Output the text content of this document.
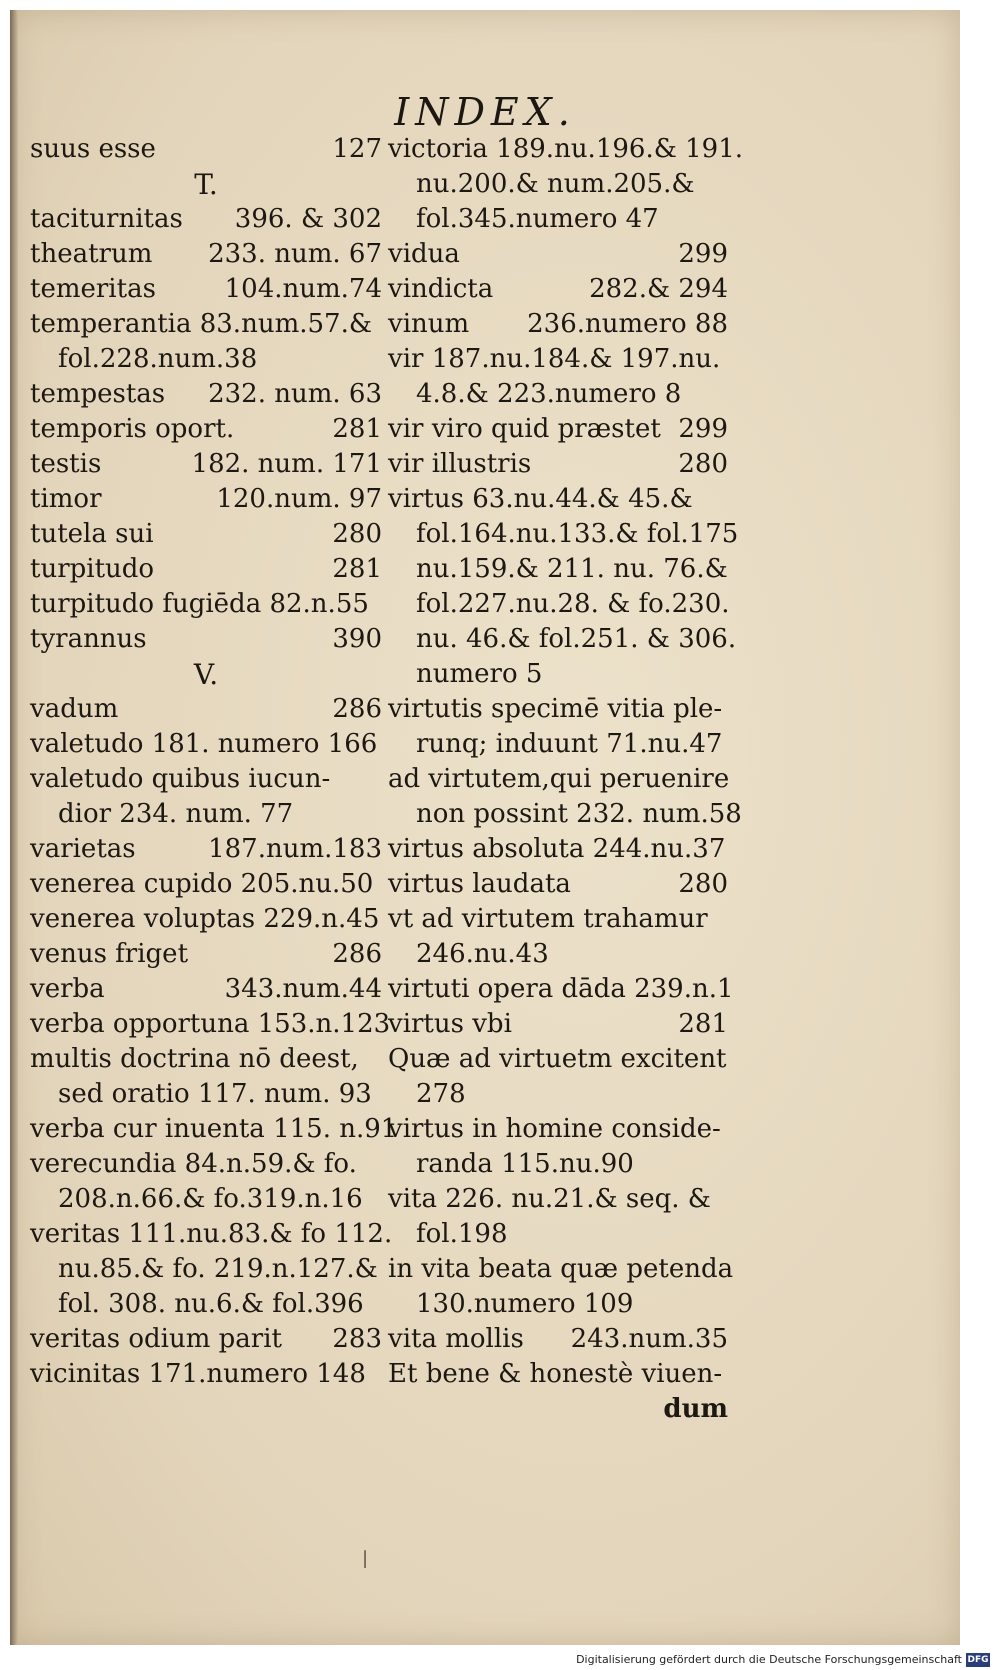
INDEX.
suus esse	127
T.
taciturnitas	396. & 302
theatrum	233. num. 67
temeritas	104.num.74
temperantia 83.num.57.&
fol.228.num.38
tempestas	232. num. 63
temporis oport.	281
testis	182. num. 171
timor	120.num. 97
tutela sui	280
turpitudo	281
turpitudo fugiēda 82.n.55
tyrannus	390
V.
vadum	286
valetudo 181. numero 166
valetudo quibus iucun-
dior 234. num. 77
varietas	187.num.183
venerea cupido 205.nu.50
venerea voluptas 229.n.45
venus friget	286
verba	343.num.44
verba opportuna 153.n.123
multis doctrina nō deest,
sed oratio 117. num. 93
verba cur inuenta 115. n.91
verecundia 84.n.59.& fo.
208.n.66.& fo.319.n.16
veritas 111.nu.83.& fo 112.
nu.85.& fo. 219.n.127.&
fol. 308. nu.6.& fol.396
veritas odium parit	283
vicinitas 171.numero 148
victoria 189.nu.196.& 191.
nu.200.& num.205.&
fol.345.numero 47
vidua	299
vindicta	282.& 294
vinum	236.numero 88
vir 187.nu.184.& 197.nu.
4.8.& 223.numero 8
vir viro quid præstet 299
vir illustris	280
virtus 63.nu.44.& 45.&
fol.164.nu.133.& fol.175
nu.159.& 211. nu. 76.&
fol.227.nu.28. & fo.230.
nu. 46.& fol.251. & 306.
numero 5
virtutis specimē vitia ple-
runq; induunt 71.nu.47
ad virtutem,qui peruenire
non possint 232. num.58
virtus absoluta 244.nu.37
virtus laudata	280
vt ad virtutem trahamur
246.nu.43
virtuti opera dāda 239.n.1
virtus vbi	281
Quæ ad virtuetm excitent
278
virtus in homine conside-
randa 115.nu.90
vita 226. nu.21.& seq. &
fol.198
in vita beata quæ petenda
130.numero 109
vita mollis	243.num.35
Et bene & honestè viuen-
dum
|
Digitalisierung gefördert durch die Deutsche Forschungsgemeinschaft DFG
